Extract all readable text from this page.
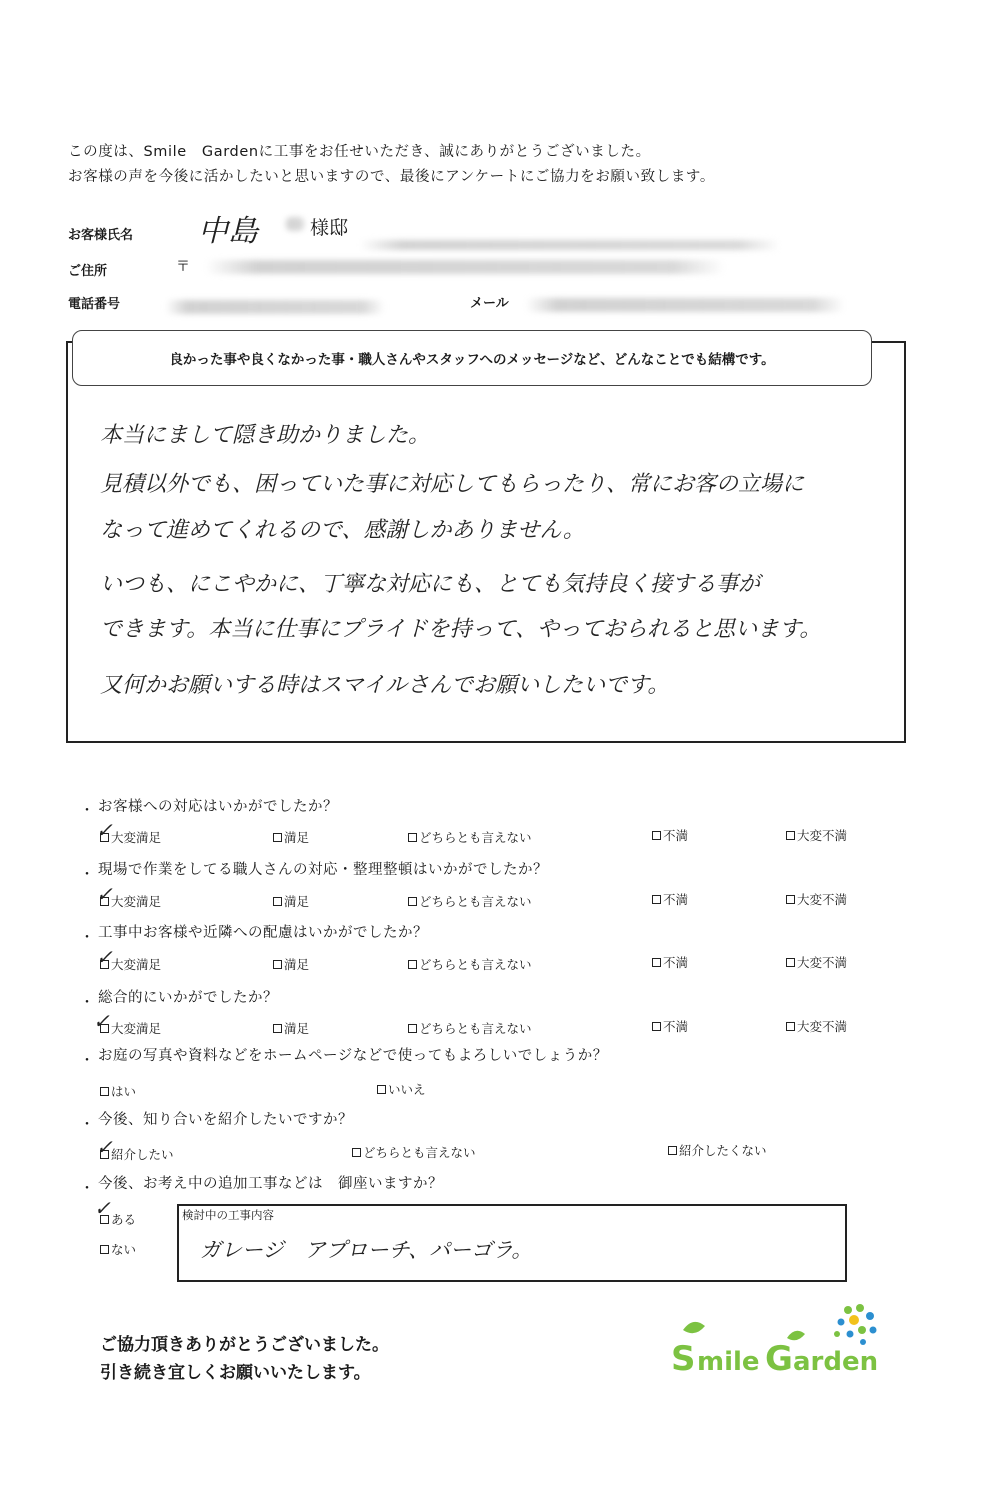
この度は、Smile　Gardenに工事をお任せいただき、誠にありがとうございました。
お客様の声を今後に活かしたいと思いますので、最後にアンケートにご協力をお願い致します。
お客様氏名 中島	様邸
ご住所	〒
電話番号	メール
良かった事や良くなかった事・職人さんやスタッフへのメッセージなど、どんなことでも結構です。
本当にまして隠き助かりました。
見積以外でも、困っていた事に対応してもらったり、常にお客の立場に
なって進めてくれるので、感謝しかありません。
いつも、にこやかに、丁寧な対応にも、とても気持良く接する事が
できます。本当に仕事にプライドを持って、やっておられると思います。
又何かお願いする時はスマイルさんでお願いしたいです。
・ お客様への対応はいかがでしたか？
大変満足	満足	どちらとも言えない	不満	大変不満
✓
・ 現場で作業をしてる職人さんの対応・整理整頓はいかがでしたか？
大変満足	満足	どちらとも言えない	不満	大変不満
✓
・ 工事中お客様や近隣への配慮はいかがでしたか？
大変満足	満足	どちらとも言えない	不満	大変不満
✓
・ 総合的にいかがでしたか？
大変満足	満足	どちらとも言えない	不満	大変不満
✓
・ お庭の写真や資料などをホームページなどで使ってもよろしいでしょうか？
はい	いいえ
・ 今後、知り合いを紹介したいですか？
紹介したい	どちらとも言えない	紹介したくない
✓
・ 今後、お考え中の追加工事などは　御座いますか？
ある
ない
✓	検討中の工事内容
ガレージ　アプローチ、パーゴラ。
ご協力頂きありがとうございました。
引き続き宜しくお願いいたします。	S mile G arden
